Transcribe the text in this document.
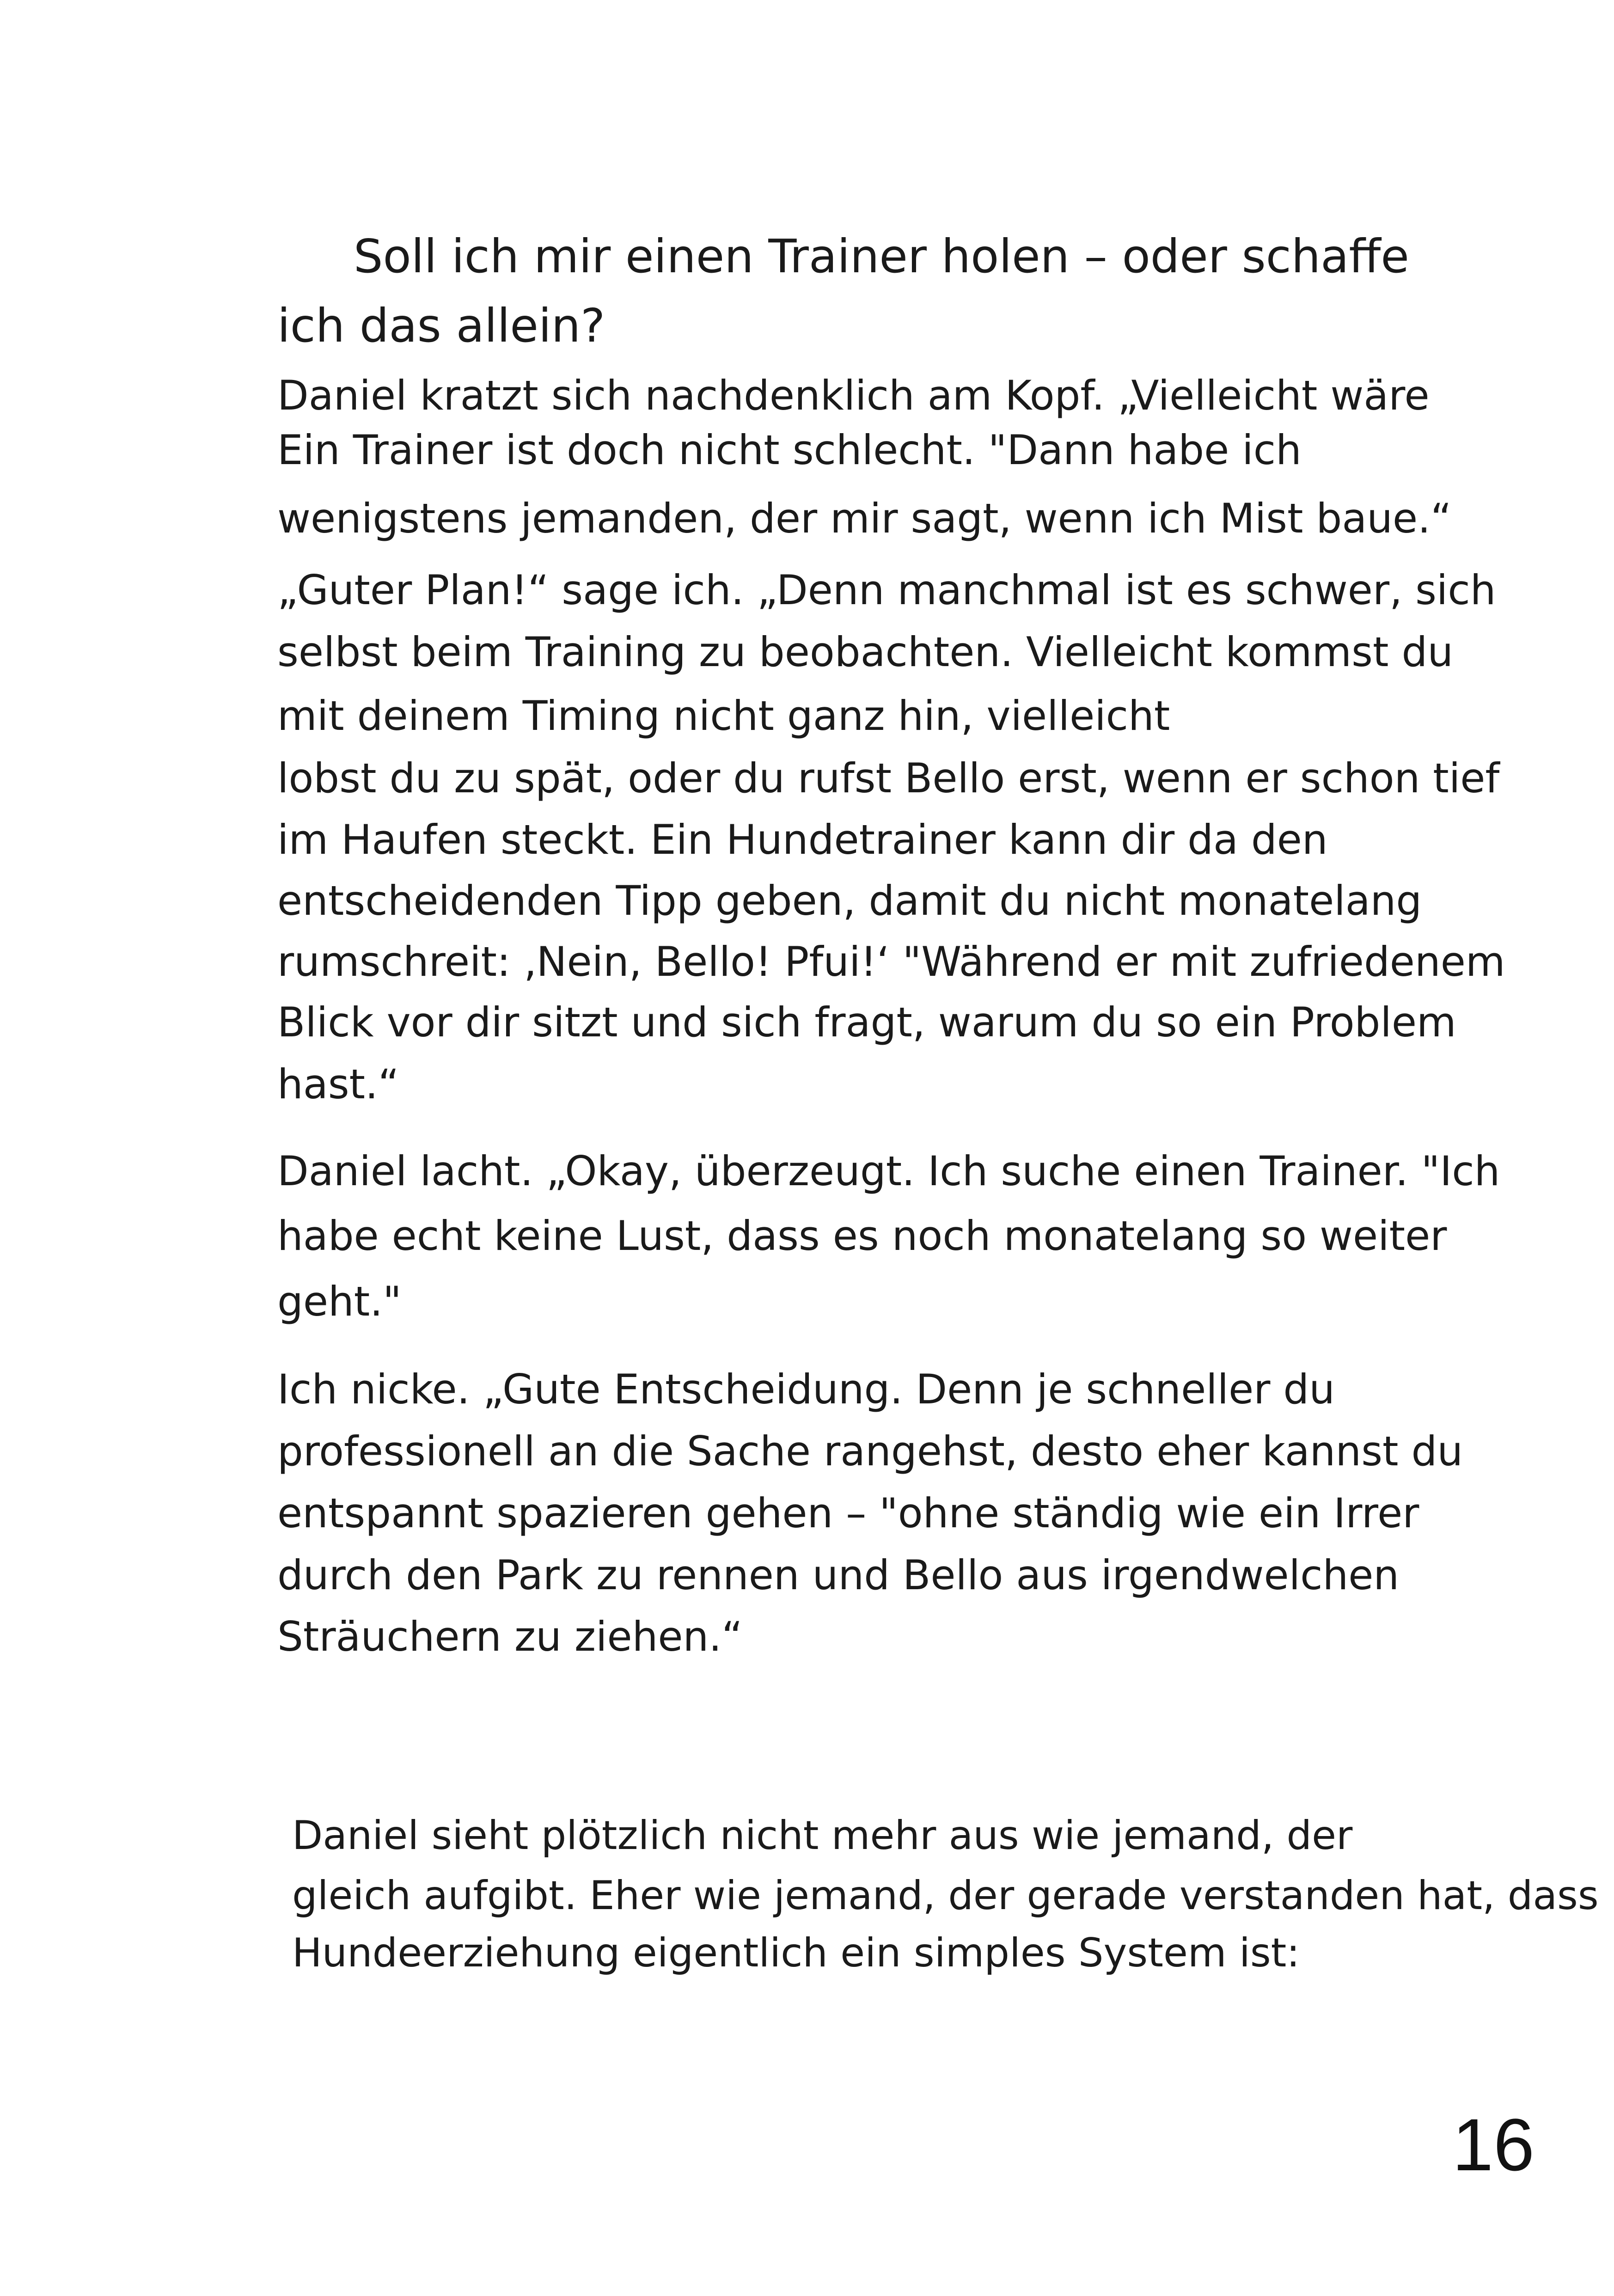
Soll ich mir einen Trainer holen – oder schaffe
ich das allein?
Daniel kratzt sich nachdenklich am Kopf. „Vielleicht wäre
Ein Trainer ist doch nicht schlecht. "Dann habe ich
wenigstens jemanden, der mir sagt, wenn ich Mist baue.“
„Guter Plan!“ sage ich. „Denn manchmal ist es schwer, sich
selbst beim Training zu beobachten. Vielleicht kommst du
mit deinem Timing nicht ganz hin, vielleicht
lobst du zu spät, oder du rufst Bello erst, wenn er schon tief
im Haufen steckt. Ein Hundetrainer kann dir da den
entscheidenden Tipp geben, damit du nicht monatelang
rumschreit: ‚Nein, Bello! Pfui!‘ "Während er mit zufriedenem
Blick vor dir sitzt und sich fragt, warum du so ein Problem
hast.“
Daniel lacht. „Okay, überzeugt. Ich suche einen Trainer. "Ich
habe echt keine Lust, dass es noch monatelang so weiter
geht."
Ich nicke. „Gute Entscheidung. Denn je schneller du
professionell an die Sache rangehst, desto eher kannst du
entspannt spazieren gehen – "ohne ständig wie ein Irrer
durch den Park zu rennen und Bello aus irgendwelchen
Sträuchern zu ziehen.“
Daniel sieht plötzlich nicht mehr aus wie jemand, der
gleich aufgibt. Eher wie jemand, der gerade verstanden hat, dass
Hundeerziehung eigentlich ein simples System ist:
16
